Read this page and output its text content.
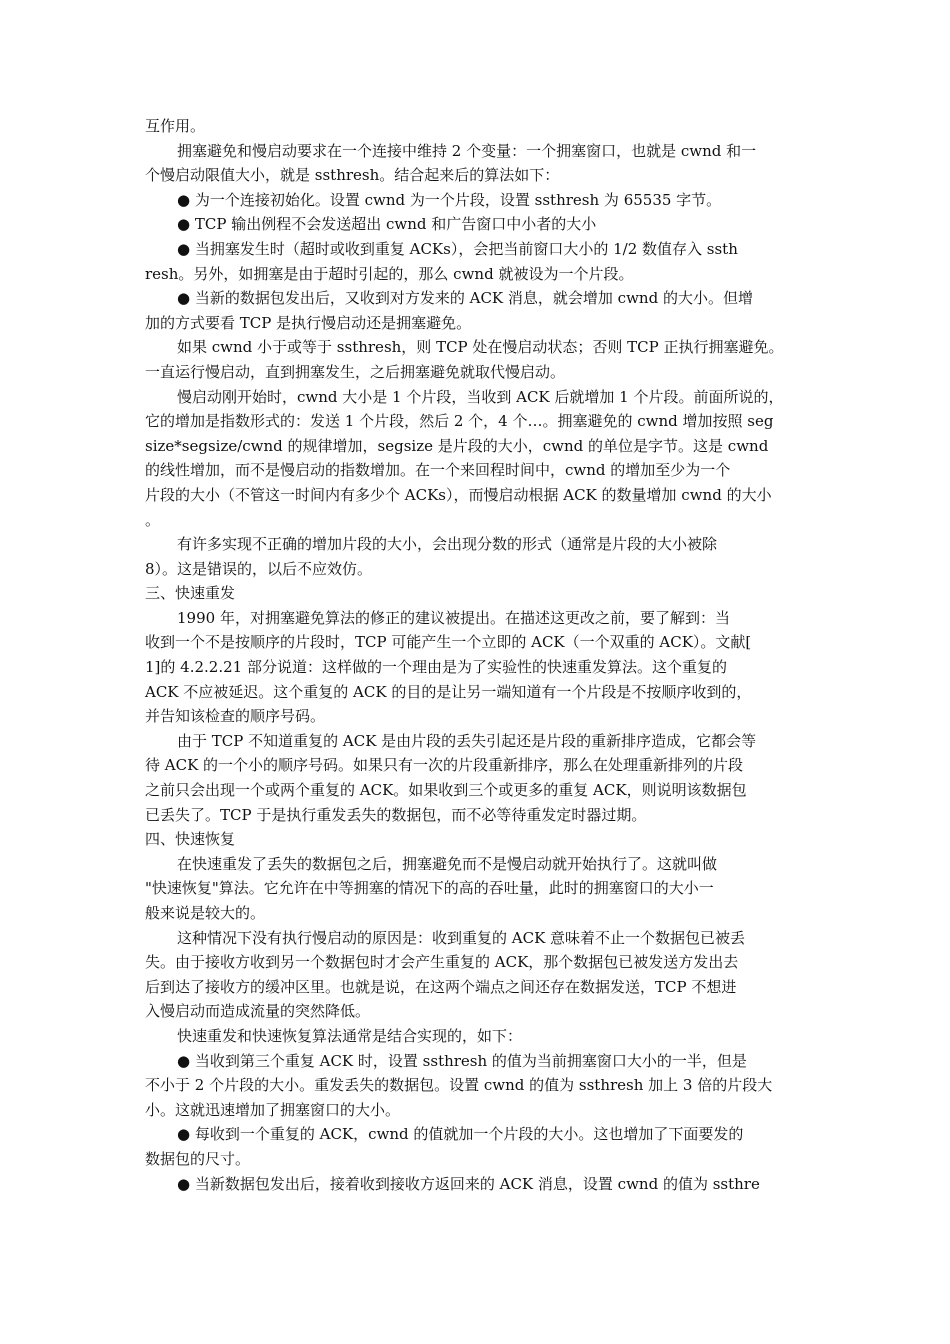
互作用。
拥塞避免和慢启动要求在一个连接中维持 2 个变量：一个拥塞窗口，也就是 cwnd 和一
个慢启动限值大小，就是 ssthresh。结合起来后的算法如下：
● 为一个连接初始化。设置 cwnd 为一个片段，设置 ssthresh 为 65535 字节。
● TCP 输出例程不会发送超出 cwnd 和广告窗口中小者的大小
● 当拥塞发生时（超时或收到重复 ACKs），会把当前窗口大小的 1/2 数值存入 ssth
resh。另外，如拥塞是由于超时引起的，那么 cwnd 就被设为一个片段。
● 当新的数据包发出后，又收到对方发来的 ACK 消息，就会增加 cwnd 的大小。但增
加的方式要看 TCP 是执行慢启动还是拥塞避免。
如果 cwnd 小于或等于 ssthresh，则 TCP 处在慢启动状态；否则 TCP 正执行拥塞避免。
一直运行慢启动，直到拥塞发生，之后拥塞避免就取代慢启动。
慢启动刚开始时，cwnd 大小是 1 个片段，当收到 ACK 后就增加 1 个片段。前面所说的，
它的增加是指数形式的：发送 1 个片段，然后 2 个，4 个…。拥塞避免的 cwnd 增加按照 seg
size*segsize/cwnd 的规律增加，segsize 是片段的大小，cwnd 的单位是字节。这是 cwnd
的线性增加，而不是慢启动的指数增加。在一个来回程时间中，cwnd 的增加至少为一个
片段的大小（不管这一时间内有多少个 ACKs），而慢启动根据 ACK 的数量增加 cwnd 的大小
。
有许多实现不正确的增加片段的大小，会出现分数的形式（通常是片段的大小被除
8）。这是错误的，以后不应效仿。
三、快速重发
1990 年，对拥塞避免算法的修正的建议被提出。在描述这更改之前，要了解到：当
收到一个不是按顺序的片段时，TCP 可能产生一个立即的 ACK（一个双重的 ACK）。文献[
1]的 4.2.2.21 部分说道：这样做的一个理由是为了实验性的快速重发算法。这个重复的
ACK 不应被延迟。这个重复的 ACK 的目的是让另一端知道有一个片段是不按顺序收到的，
并告知该检查的顺序号码。
由于 TCP 不知道重复的 ACK 是由片段的丢失引起还是片段的重新排序造成，它都会等
待 ACK 的一个小的顺序号码。如果只有一次的片段重新排序，那么在处理重新排列的片段
之前只会出现一个或两个重复的 ACK。如果收到三个或更多的重复 ACK，则说明该数据包
已丢失了。TCP 于是执行重发丢失的数据包，而不必等待重发定时器过期。
四、快速恢复
在快速重发了丢失的数据包之后，拥塞避免而不是慢启动就开始执行了。这就叫做
"快速恢复"算法。它允许在中等拥塞的情况下的高的吞吐量，此时的拥塞窗口的大小一
般来说是较大的。
这种情况下没有执行慢启动的原因是：收到重复的 ACK 意味着不止一个数据包已被丢
失。由于接收方收到另一个数据包时才会产生重复的 ACK，那个数据包已被发送方发出去
后到达了接收方的缓冲区里。也就是说，在这两个端点之间还存在数据发送，TCP 不想进
入慢启动而造成流量的突然降低。
快速重发和快速恢复算法通常是结合实现的，如下：
● 当收到第三个重复 ACK 时，设置 ssthresh 的值为当前拥塞窗口大小的一半，但是
不小于 2 个片段的大小。重发丢失的数据包。设置 cwnd 的值为 ssthresh 加上 3 倍的片段大
小。这就迅速增加了拥塞窗口的大小。
● 每收到一个重复的 ACK，cwnd 的值就加一个片段的大小。这也增加了下面要发的
数据包的尺寸。
● 当新数据包发出后，接着收到接收方返回来的 ACK 消息，设置 cwnd 的值为 ssthre
